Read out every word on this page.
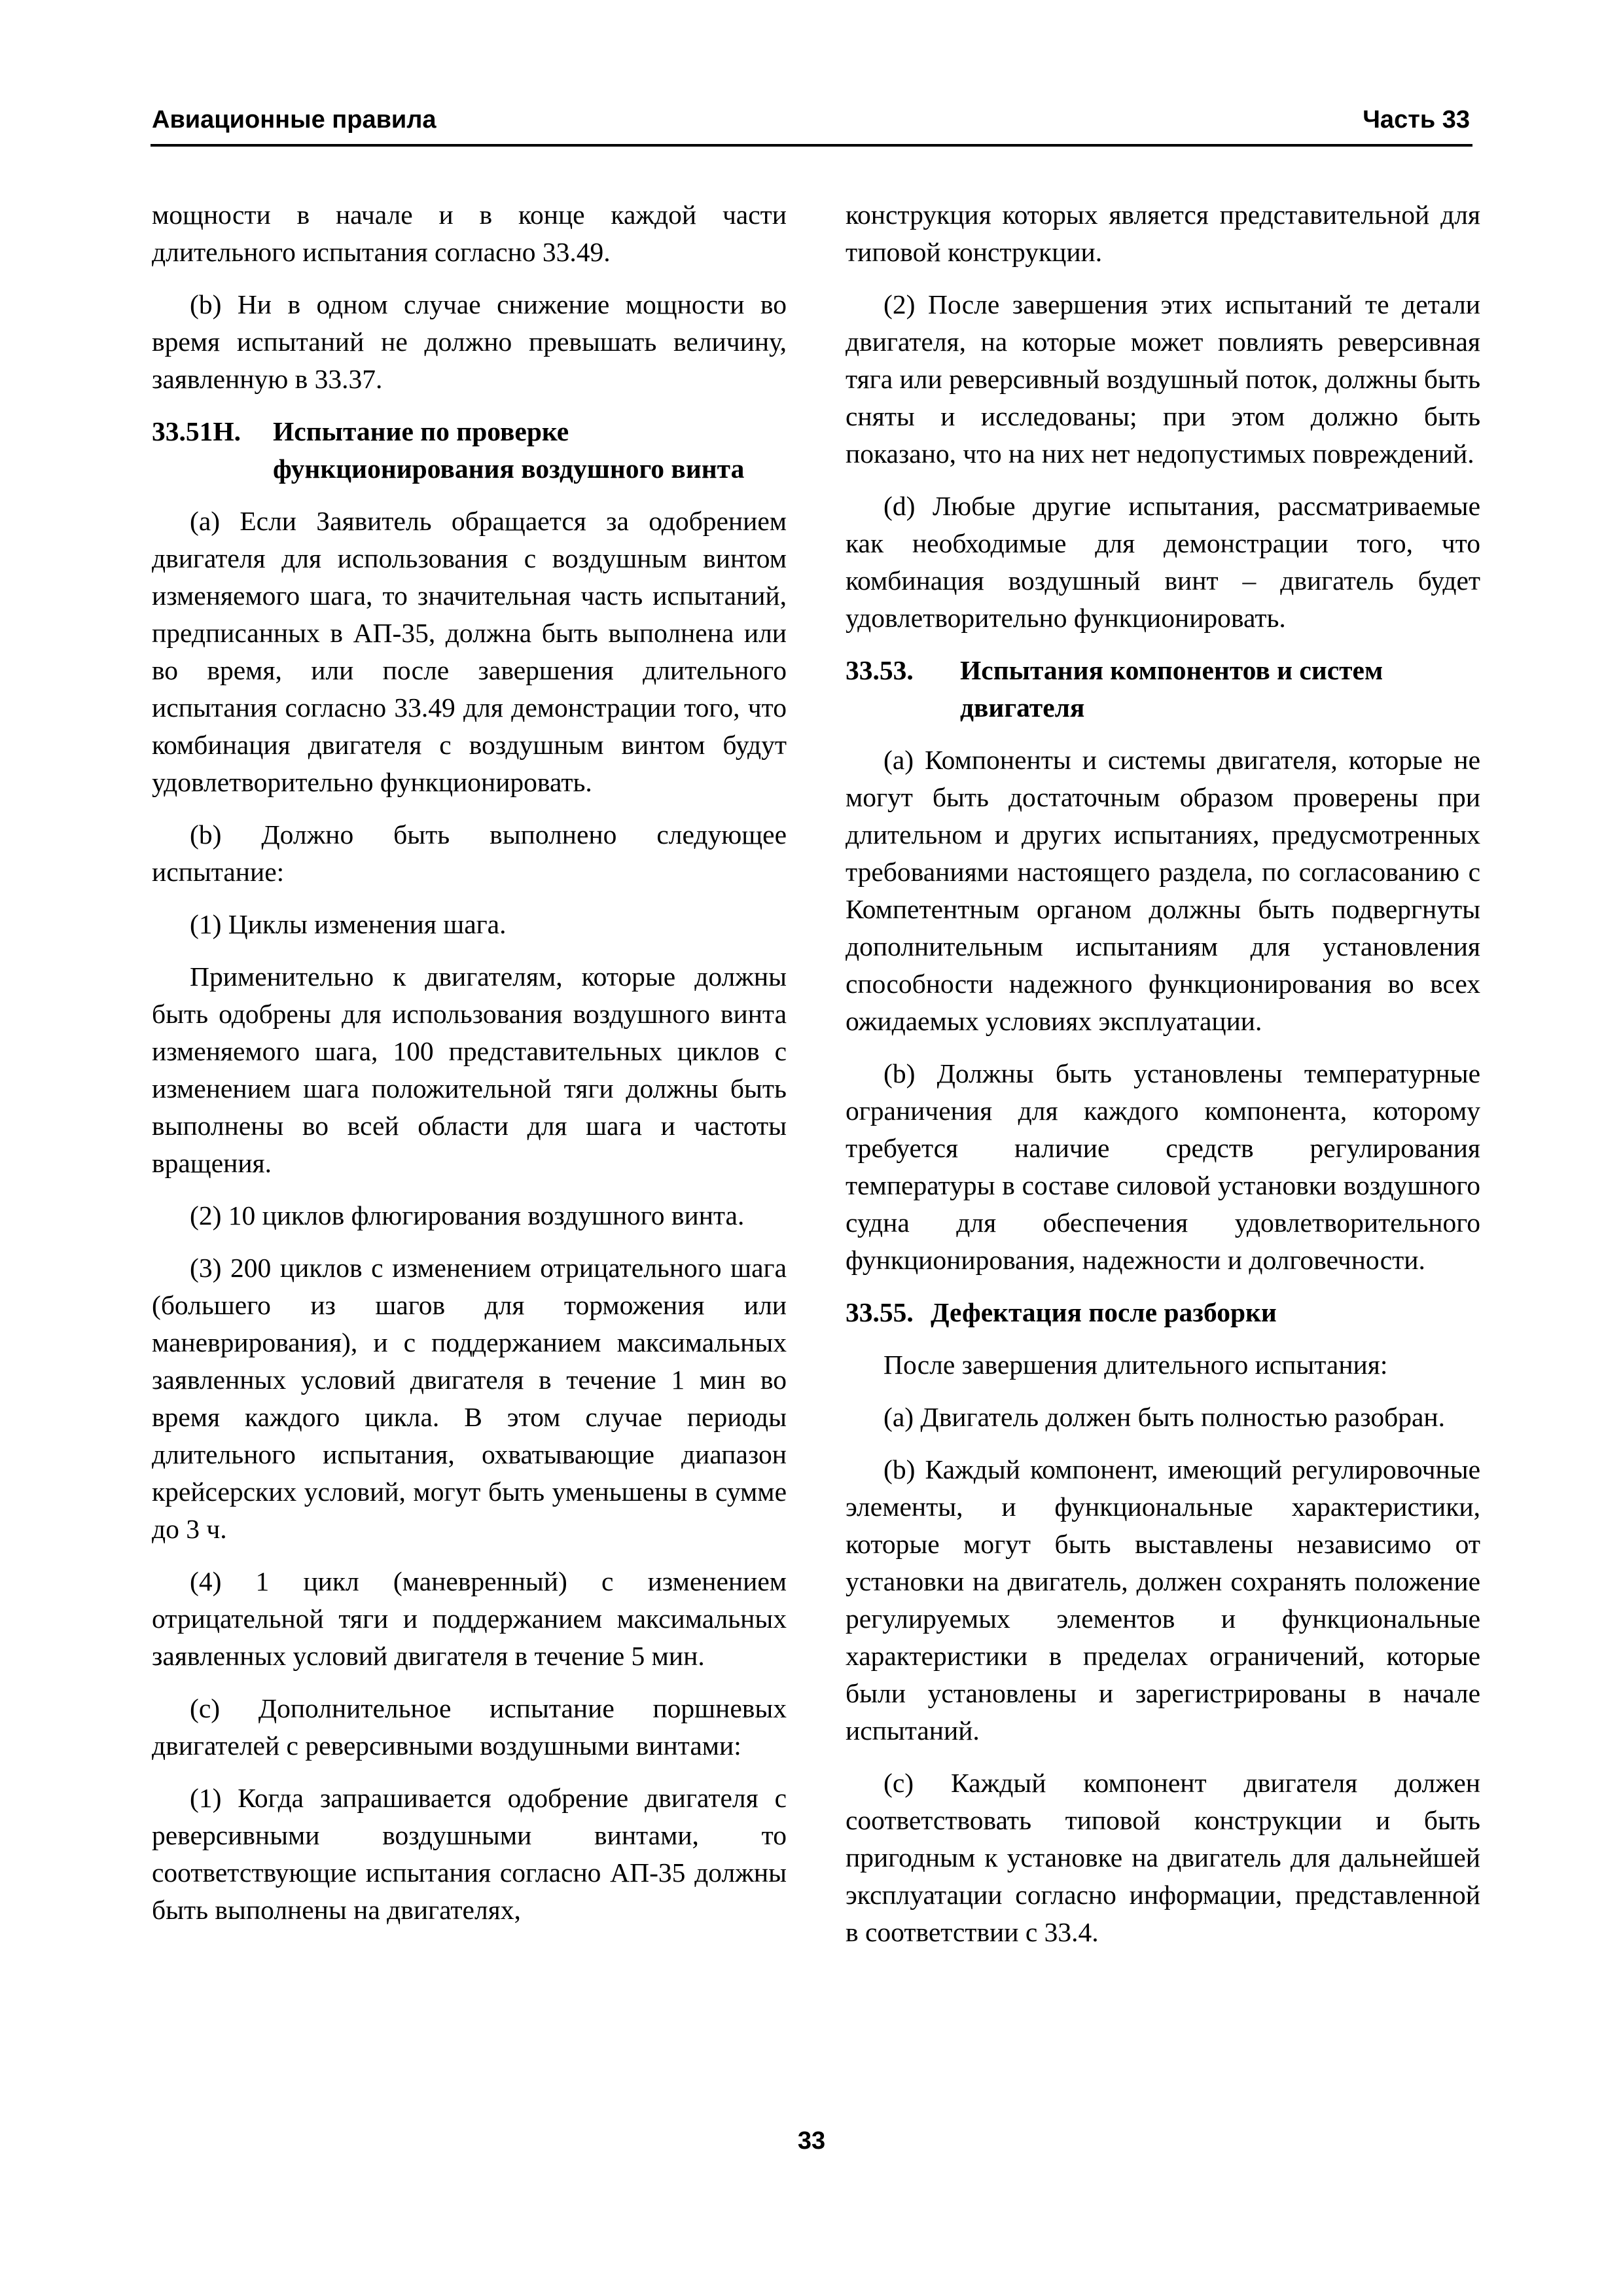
Авиационные правила	Часть 33

мощности в начале и в конце каждой части длительного испытания согласно 33.49.

(b) Ни в одном случае снижение мощности во время испытаний не должно превышать величину, заявленную в 33.37.

33.51H.	Испытание по проверке функционирования воздушного винта

(а) Если Заявитель обращается за одобрением двигателя для использования с воздушным винтом изменяемого шага, то значительная часть испытаний, предписанных в АП-35, должна быть выполнена или во время, или после завершения длительного испытания согласно 33.49 для демонстрации того, что комбинация двигателя с воздушным винтом будут удовлетворительно функционировать.

(b) Должно быть выполнено следующее испытание:

(1) Циклы изменения шага.

Применительно к двигателям, которые должны быть одобрены для использования воздушного винта изменяемого шага, 100 представительных циклов с изменением шага положительной тяги должны быть выполнены во всей области для шага и частоты вращения.

(2) 10 циклов флюгирования воздушного винта.

(3) 200 циклов с изменением отрицательного шага (большего из шагов для торможения или маневрирования), и с поддержанием максимальных заявленных условий двигателя в течение 1 мин во время каждого цикла. В этом случае периоды длительного испытания, охватывающие диапазон крейсерских условий, могут быть уменьшены в сумме до 3 ч.

(4) 1 цикл (маневренный) с изменением отрицательной тяги и поддержанием максимальных заявленных условий двигателя в течение 5 мин.

(с) Дополнительное испытание поршневых двигателей с реверсивными воздушными винтами:

(1) Когда запрашивается одобрение двигателя с реверсивными воздушными винтами, то соответствующие испытания согласно АП-35 должны быть выполнены на двигателях,

конструкция которых является представительной для типовой конструкции.

(2) После завершения этих испытаний те детали двигателя, на которые может повлиять реверсивная тяга или реверсивный воздушный поток, должны быть сняты и исследованы; при этом должно быть показано, что на них нет недопустимых повреждений.

(d) Любые другие испытания, рассматриваемые как необходимые для демонстрации того, что комбинация воздушный винт – двигатель будет удовлетворительно функционировать.

33.53.	Испытания компонентов и систем двигателя

(а) Компоненты и системы двигателя, которые не могут быть достаточным образом проверены при длительном и других испытаниях, предусмотренных требованиями настоящего раздела, по согласованию с Компетентным органом должны быть подвергнуты дополнительным испытаниям для установления способности надежного функционирования во всех ожидаемых условиях эксплуатации.

(b) Должны быть установлены температурные ограничения для каждого компонента, которому требуется наличие средств регулирования температуры в составе силовой установки воздушного судна для обеспечения удовлетворительного функционирования, надежности и долговечности.

33.55. Дефектация после разборки

После завершения длительного испытания:

(а) Двигатель должен быть полностью разобран.

(b) Каждый компонент, имеющий регулировочные элементы, и функциональные характеристики, которые могут быть выставлены независимо от установки на двигатель, должен сохранять положение регулируемых элементов и функциональные характеристики в пределах ограничений, которые были установлены и зарегистрированы в начале испытаний.

(с) Каждый компонент двигателя должен соответствовать типовой конструкции и быть пригодным к установке на двигатель для дальнейшей эксплуатации согласно информации, представленной в соответствии с 33.4.

33
